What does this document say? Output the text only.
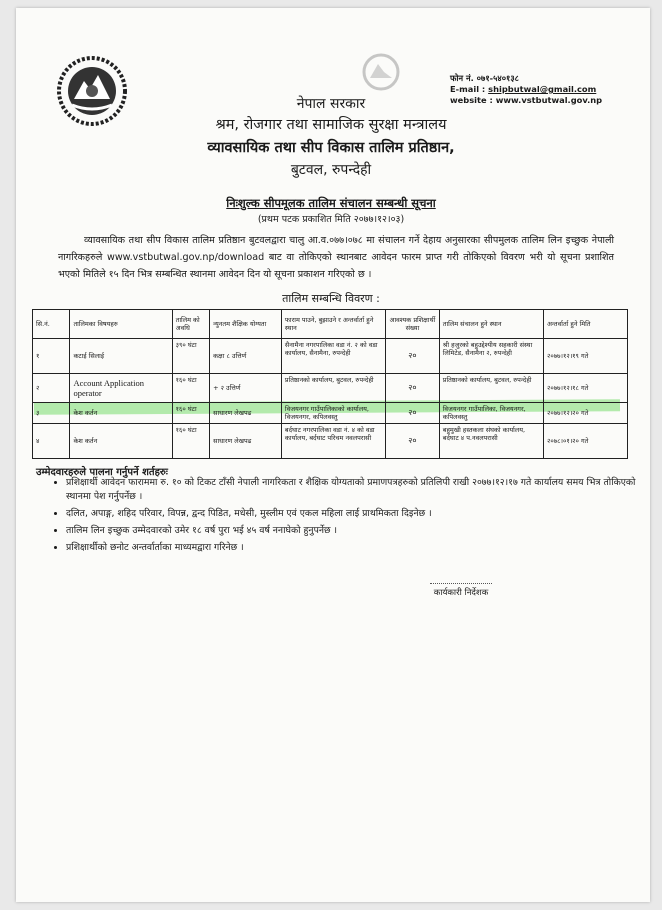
फोन नं. ०७१-५४०१३८
E-mail : shipbutwal@gmail.com
website : www.vstbutwal.gov.np
नेपाल सरकार
श्रम, रोजगार तथा सामाजिक सुरक्षा मन्त्रालय
व्यावसायिक तथा सीप विकास तालिम प्रतिष्ठान,
बुटवल, रुपन्देही
निःशुल्क सीपमूलक तालिम संचालन सम्बन्धी सूचना
(प्रथम पटक प्रकाशित मिति २०७७।१२।०३)
व्यावसायिक तथा सीप विकास तालिम प्रतिष्ठान बुटवलद्वारा चालु आ.व.०७७।०७८ मा संचालन गर्ने देहाय अनुसारका सीपमुलक तालिम लिन इच्छुक नेपाली नागरिकहरुले www.vstbutwal.gov.np/download बाट वा तोकिएको स्थानबाट आवेदन फारम प्राप्त गरी तोकिएको विवरण भरी यो सूचना प्रशाशित भएको मितिले १५ दिन भित्र सम्बन्धित स्थानमा आवेदन दिन यो सूचना प्रकाशन गरिएको छ ।
तालिम सम्बन्धि विवरण :
सि.नं.	तालिमका विषयहरु	तालिम को अवधि	न्युनतम शैक्षिक योग्यता	फाराम पाउने, बुझाउने र अन्तर्वार्ता हुने स्थान	आवश्यक प्रशिक्षार्थी संख्या	तालिम संचालन हुने स्थान	अन्तर्वार्ता हुने मिति
१	कटाई सिलाई	३९० घंटा	कक्षा ८ उत्तिर्ण	सैनामैना नगरपालिका वडा नं. २ को वडा कार्यालय, सैनामैना, रुपन्देही	२०	श्री हजुरको बहुउद्देश्यीय सहकारी संस्था लिमिटेड, सैनामैना २, रुपन्देही	२०७७।१२।१९ गते
२	Account Application operator	१६० घंटा	+ २ उत्तिर्ण	प्रतिष्ठानको कार्यालय, बुटवल, रुपन्देही	२०	प्रतिष्ठानको कार्यालय, बुटवल, रुपन्देही	२०७७।१२।१८ गते
३	केश कर्तन	१६० घंटा	साधारण लेखपढ	विजयनगर गाउँपालिकाको कार्यालय, विजयनगर, कपिलवस्तु	२०	विजयनगर गाउँपालिका, विजयनगर, कपिलवस्तु	२०७७।१२।२० गते
४	केश कर्तन	१६० घंटा	साधारण लेखपढ	बर्दघाट नगरपालिका वडा नं. ४ को वडा कार्यालय, बर्दघाट परिचम नवलपरासी	२०	बहुमुखी हस्तकला संघको कार्यालय, बर्दघाट ४ प.नवलपरासी	२०७८।०१।२० गते
उम्मेदवारहरुले पालना गर्नुपर्ने शर्तहरुः
• प्रशिक्षार्थी आवेदन फाराममा रु. १० को टिकट टाँसी नेपाली नागरिकता र शैक्षिक योग्यताको प्रमाणपत्रहरुको प्रतिलिपी राखी २०७७।१२।१७ गते कार्यालय समय भित्र तोकिएको स्थानमा पेश गर्नुपर्नेछ ।
• दलित, अपाङ्ग, शहिद परिवार, विपन्न, द्वन्द पिडित, मधेसी, मुस्लीम एवं एकल महिला लाई प्राथमिकता दिइनेछ ।
• तालिम लिन इच्छुक उम्मेदवारको उमेर १८ वर्ष पुरा भई ४५ वर्ष ननाघेको हुनुपर्नेछ ।
• प्रशिक्षार्थीको छनोट अन्तर्वार्ताका माध्यमद्वारा गरिनेछ ।
कार्यकारी निर्देशक
